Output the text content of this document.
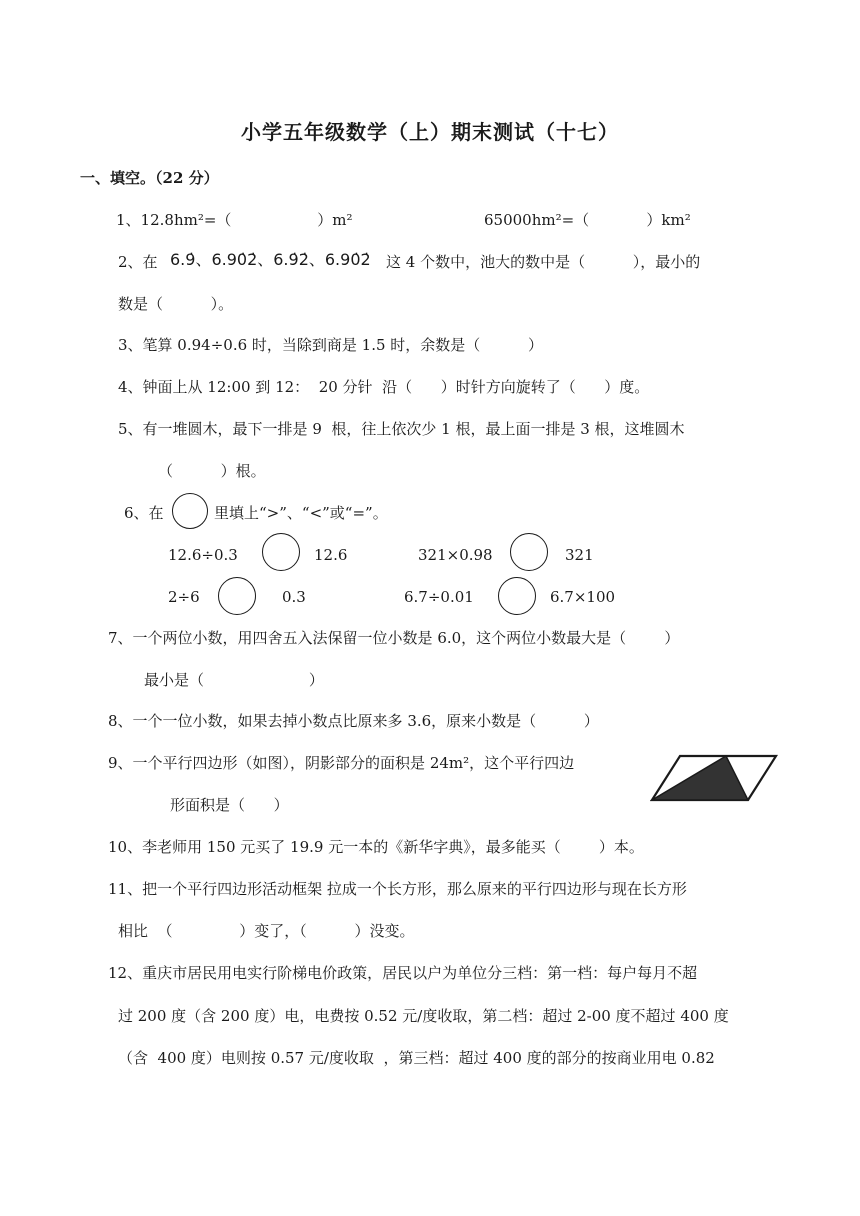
小学五年级数学（上）期末测试（十七）
一、填空。（22 分）
1、12.8hm²=（                  ）m²	65000hm²=（            ）km²
2、在 6.9̇、6.90̇2̇、6.9̇2̇、6.90̇2̇ 这 4 个数中，池大的数中是（          ），最小的
数是（          ）。
3、笔算 0.94÷0.6 时，当除到商是 1.5 时，余数是（          ）
4、钟面上从 12:00 到 12：  20 分针  沿（      ）时针方向旋转了（      ）度。
5、有一堆圆木，最下一排是 9  根，往上依次少 1 根，最上面一排是 3 根，这堆圆木
（          ）根。
6、在	里填上“>”、“<”或“=”。
12.6÷0.3	12.6	321×0.98	321
2÷6	0.3	6.7÷0.01	6.7×100
7、一个两位小数，用四舍五入法保留一位小数是 6.0，这个两位小数最大是（        ）
最小是（                      ）
8、一个一位小数，如果去掉小数点比原来多 3.6，原来小数是（          ）
9、一个平行四边形（如图），阴影部分的面积是 24m²，这个平行四边
形面积是（      ）
10、李老师用 150 元买了 19.9 元一本的《新华字典》，最多能买（        ）本。
11、把一个平行四边形活动框架 拉成一个长方形，那么原来的平行四边形与现在长方形
相比  （              ）变了，（          ）没变。
12、重庆市居民用电实行阶梯电价政策，居民以户为单位分三档：第一档：每户每月不超
过 200 度（含 200 度）电，电费按 0.52 元/度收取，第二档：超过 2-00 度不超过 400 度
（含  400 度）电则按 0.57 元/度收取  ，第三档：超过 400 度的部分的按商业用电 0.82
